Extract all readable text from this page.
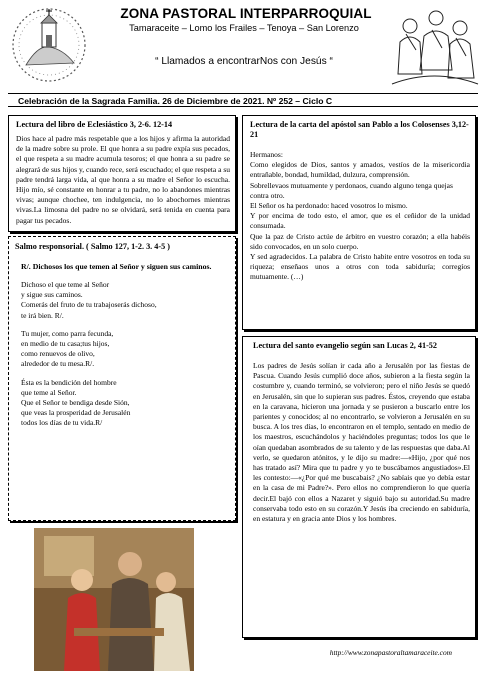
ZONA PASTORAL INTERPARROQUIAL
Tamaraceite – Lomo los Frailes – Tenoya – San Lorenzo
“ Llamados a encontrarNos con Jesús “
Celebración de la Sagrada Familia. 26 de Diciembre de 2021. Nº 252 – Ciclo C
Lectura del libro de Eclesiástico 3, 2-6. 12-14

Dios hace al padre más respetable que a los hijos y afirma la autoridad de la madre sobre su prole. El que honra a su padre expía sus pecados, el que respeta a su madre acumula tesoros; el que honra a su padre se alegrará de sus hijos y, cuando rece, será escuchado; el que respeta a su padre tendrá larga vida, al que honra a su madre el Señor lo escucha. Hijo mío, sé constante en honrar a tu padre, no lo abandones mientras vivas; aunque chochee, ten indulgencia, no lo abochornes mientras vivas.La limosna del padre no se olvidará, será tenida en cuenta para pagar tus pecados.

Salmo responsorial. ( Salmo 127, 1-2. 3. 4-5 )
R/. Dichosos los que temen al Señor y siguen sus caminos.
Dichoso el que teme al Señor
y sigue sus caminos.
Comerás del fruto de tu trabajoserás dichoso,
te irá bien. R/.
Tu mujer, como parra fecunda,
en medio de tu casa;tus hijos,
como renuevos de olivo,
alrededor de tu mesa.R/.
Ésta es la bendición del hombre
que teme al Señor.
Que el Señor te bendiga desde Sión,
que veas la prosperidad de Jerusalén
todos los días de tu vida.R/
Lectura de la carta del apóstol san Pablo a los Colosenses 3,12-21

Hermanos:

Como elegidos de Dios, santos y amados, vestíos de la misericordia entrañable, bondad, humildad, dulzura, comprensión.

Sobrellevaos mutuamente y perdonaos, cuando alguno tenga quejas contra otro.

El Señor os ha perdonado: haced vosotros lo mismo.

Y por encima de todo esto, el amor, que es el ceñidor de la unidad consumada.

Que la paz de Cristo actúe de árbitro en vuestro corazón; a ella habéis sido convocados, en un solo cuerpo.

Y sed agradecidos. La palabra de Cristo habite entre vosotros en toda su riqueza; enseñaos unos a otros con toda sabiduría; corregíos mutuamente. (…)

Lectura del santo evangelio según san Lucas 2, 41-52

Los padres de Jesús solían ir cada año a Jerusalén por las fiestas de Pascua. Cuando Jesús cumplió doce años, subieron a la fiesta según la costumbre y, cuando terminó, se volvieron; pero el niño Jesús se quedó en Jerusalén, sin que lo supieran sus padres. Éstos, creyendo que estaba en la caravana, hicieron una jornada y se pusieron a buscarlo entre los parientes y conocidos; al no encontrarlo, se volvieron a Jerusalén en su busca. A los tres días, lo encontraron en el templo, sentado en medio de los maestros, escuchándolos y haciéndoles preguntas; todos los que le oían quedaban asombrados de su talento y de las respuestas que daba.Al verlo, se quedaron atónitos, y le dijo su madre:—«Hijo, ¿por qué nos has tratado así? Mira que tu padre y yo te buscábamos angustiados».El les contesto:—«¿Por qué me buscabais? ¿No sabíais que yo debía estar en la casa de mi Padre?». Pero ellos no comprendieron lo que quería decir.El bajó con ellos a Nazaret y siguió bajo su autoridad.Su madre conservaba todo esto en su corazón.Y Jesús iba creciendo en sabiduría, en estatura y en gracia ante Dios y los hombres.

http://www.zonapastoraltamaraceite.com
